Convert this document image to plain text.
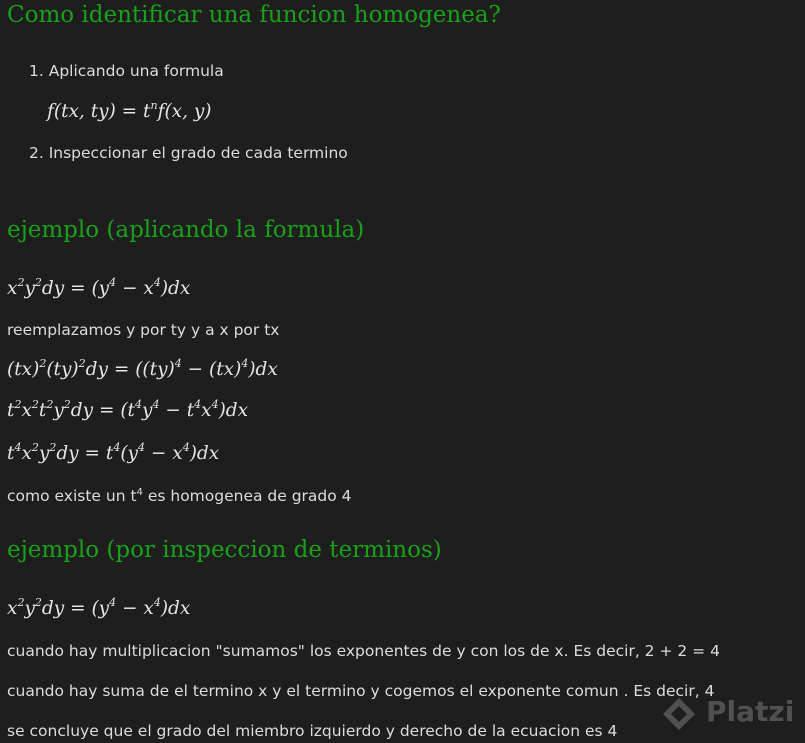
Como identificar una funcion homogenea?
1. Aplicando una formula
f(tx, $ty) = t^nf(x$, y)
2. Inspeccionar el grado de cada termino
ejemplo (aplicando la formula)
$x^2y^2dy = (y^4 - x^4)dx$
reemplazamos y por ty y a x por tx
(tx)$^2$(ty)$^2$dy = ((ty)$^4$ − (tx)$^4$)dx
$t^2x^2t^2y^2dy = (t^4y^4 - t^4x^4)dx$
$t^4x^2y^2dy = t^4(y^4 - x^4)dx$
como existe un $t^4$ es homogenea de grado 4
ejemplo (por inspeccion de terminos)
$x^2y^2dy = (y^4 - x^4)dx$
cuando hay multiplicacion "sumamos" los exponentes de y con los de x. Es decir, 2 + 2 = 4
cuando hay suma de el termino x y el termino y cogemos el exponente comun . Es decir, 4
se concluye que el grado del miembro izquierdo y derecho de la ecuacion es 4
Platzi
